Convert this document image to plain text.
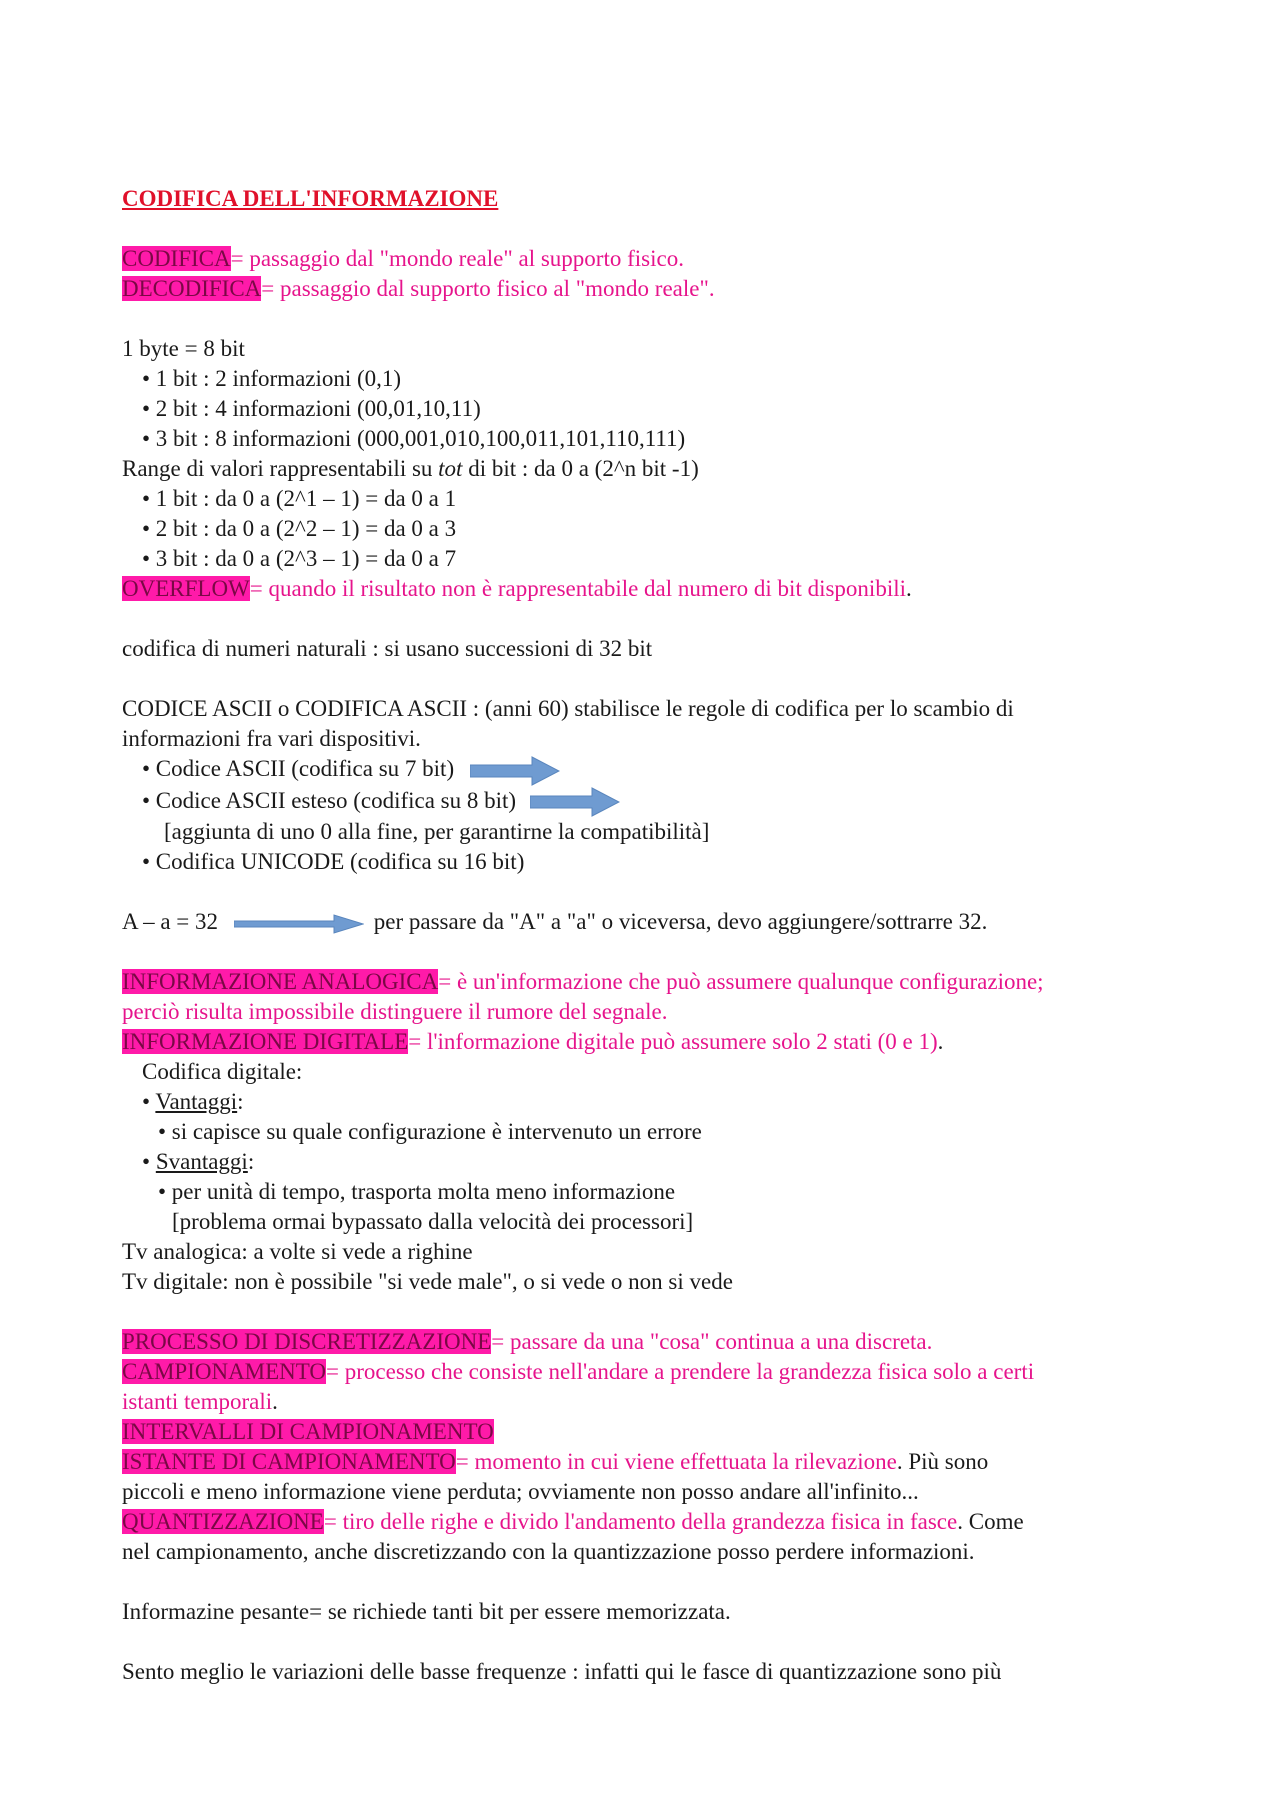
CODIFICA DELL'INFORMAZIONE
CODIFICA= passaggio dal "mondo reale" al supporto fisico.
DECODIFICA= passaggio dal supporto fisico al "mondo reale".
1 byte = 8 bit
• 1 bit : 2 informazioni (0,1)
• 2 bit : 4 informazioni (00,01,10,11)
• 3 bit : 8 informazioni (000,001,010,100,011,101,110,111)
Range di valori rappresentabili su tot di bit : da 0 a (2^n bit -1)
• 1 bit : da 0 a (2^1 – 1) = da 0 a 1
• 2 bit : da 0 a (2^2 – 1) = da 0 a 3
• 3 bit : da 0 a (2^3 – 1) = da 0 a 7
OVERFLOW= quando il risultato non è rappresentabile dal numero di bit disponibili.
codifica di numeri naturali : si usano successioni di 32 bit
CODICE ASCII o CODIFICA ASCII : (anni 60) stabilisce le regole di codifica per lo scambio di
informazioni fra vari dispositivi.
• Codice ASCII (codifica su 7 bit)
• Codice ASCII esteso (codifica su 8 bit)
[aggiunta di uno 0 alla fine, per garantirne la compatibilità]
• Codifica UNICODE (codifica su 16 bit)
A – a = 32	per passare da "A" a "a" o viceversa, devo aggiungere/sottrarre 32.
INFORMAZIONE ANALOGICA= è un'informazione che può assumere qualunque configurazione;
perciò risulta impossibile distinguere il rumore del segnale.
INFORMAZIONE DIGITALE= l'informazione digitale può assumere solo 2 stati (0 e 1).
Codifica digitale:
• Vantaggi:
• si capisce su quale configurazione è intervenuto un errore
• Svantaggi:
• per unità di tempo, trasporta molta meno informazione
[problema ormai bypassato dalla velocità dei processori]
Tv analogica: a volte si vede a righine
Tv digitale: non è possibile "si vede male", o si vede o non si vede
PROCESSO DI DISCRETIZZAZIONE= passare da una "cosa" continua a una discreta.
CAMPIONAMENTO= processo che consiste nell'andare a prendere la grandezza fisica solo a certi
istanti temporali.
INTERVALLI DI CAMPIONAMENTO
ISTANTE DI CAMPIONAMENTO= momento in cui viene effettuata la rilevazione. Più sono
piccoli e meno informazione viene perduta; ovviamente non posso andare all'infinito...
QUANTIZZAZIONE= tiro delle righe e divido l'andamento della grandezza fisica in fasce. Come
nel campionamento, anche discretizzando con la quantizzazione posso perdere informazioni.
Informazine pesante= se richiede tanti bit per essere memorizzata.
Sento meglio le variazioni delle basse frequenze : infatti qui le fasce di quantizzazione sono più
